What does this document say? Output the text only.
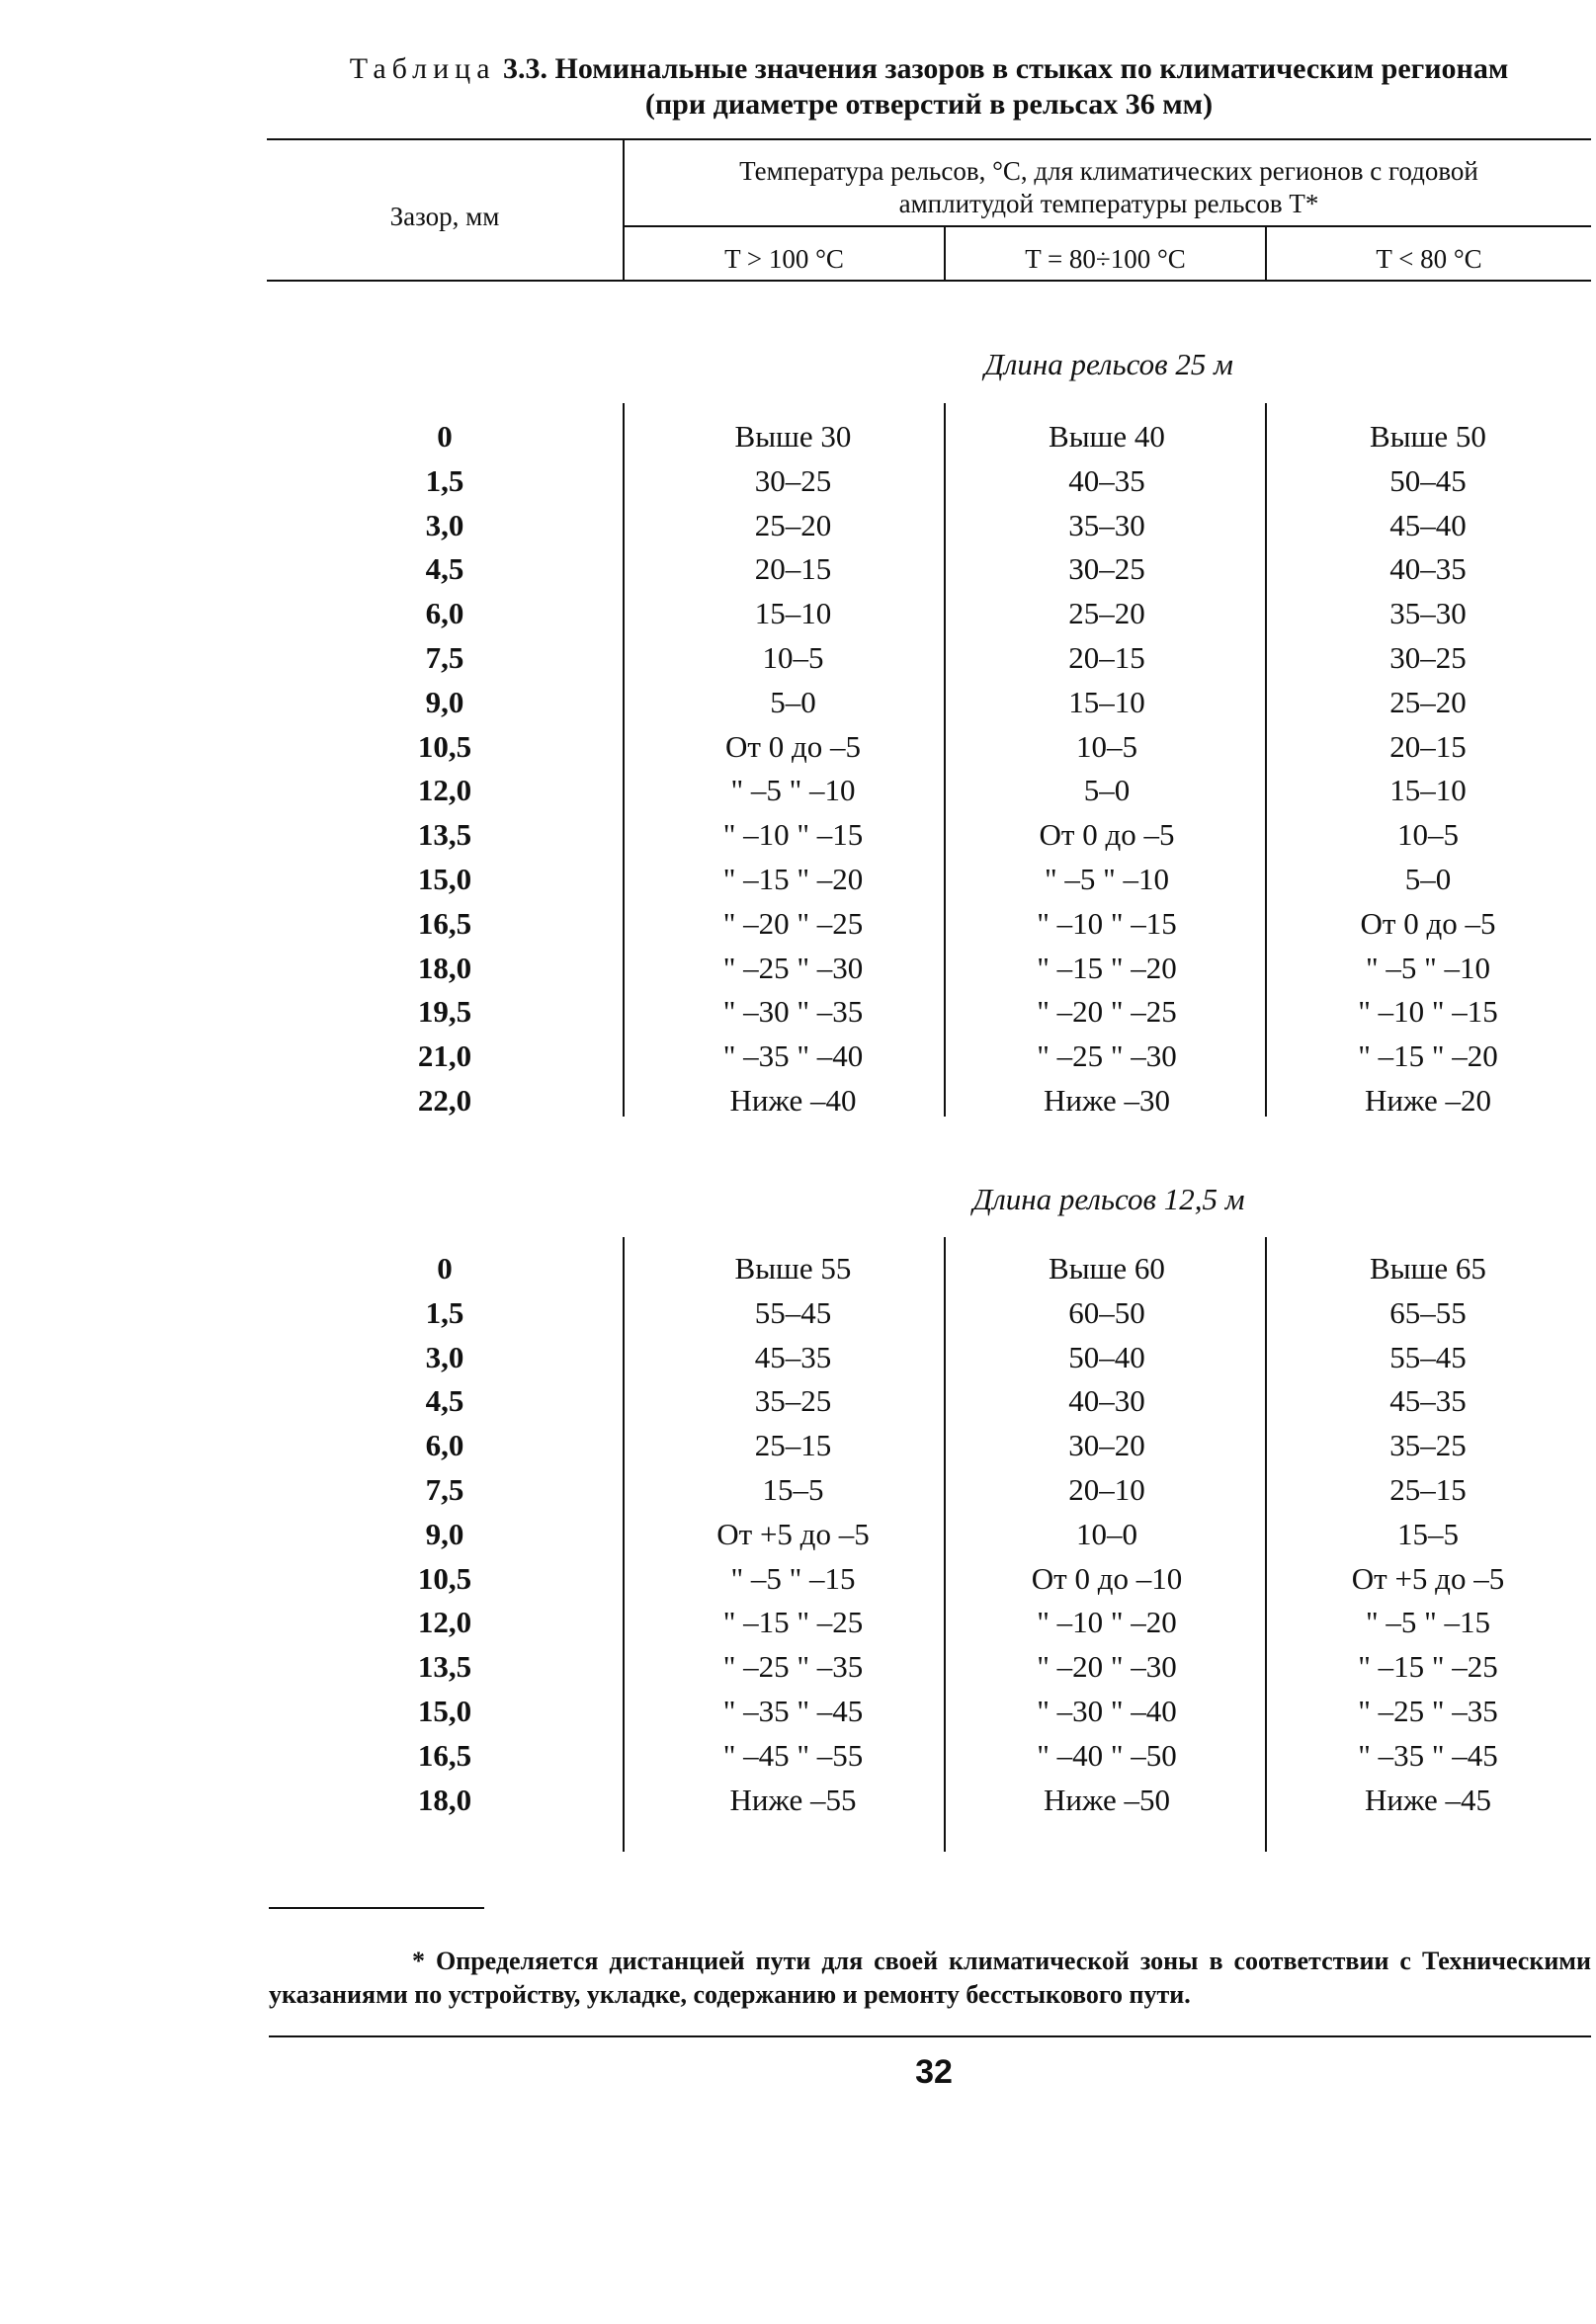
Таблица 3.3. Номинальные значения зазоров в стыках по климатическим регионам
(при диаметре отверстий в рельсах 36 мм)
Зазор, мм
Температура рельсов, °С, для климатических регионов с годовой
амплитудой температуры рельсов T*
T > 100 °С	T = 80÷100 °С	T < 80 °С
Длина рельсов 25 м
0	Выше 30	Выше 40	Выше 50
1,5	30–25	40–35	50–45
3,0	25–20	35–30	45–40
4,5	20–15	30–25	40–35
6,0	15–10	25–20	35–30
7,5	10–5	20–15	30–25
9,0	5–0	15–10	25–20
10,5	От 0 до –5	10–5	20–15
12,0	" –5 " –10	5–0	15–10
13,5	" –10 " –15	От 0 до –5	10–5
15,0	" –15 " –20	" –5 " –10	5–0
16,5	" –20 " –25	" –10 " –15	От 0 до –5
18,0	" –25 " –30	" –15 " –20	" –5 " –10
19,5	" –30 " –35	" –20 " –25	" –10 " –15
21,0	" –35 " –40	" –25 " –30	" –15 " –20
22,0	Ниже –40	Ниже –30	Ниже –20
Длина рельсов 12,5 м
0	Выше 55	Выше 60	Выше 65
1,5	55–45	60–50	65–55
3,0	45–35	50–40	55–45
4,5	35–25	40–30	45–35
6,0	25–15	30–20	35–25
7,5	15–5	20–10	25–15
9,0	От +5 до –5	10–0	15–5
10,5	" –5 " –15	От 0 до –10	От +5 до –5
12,0	" –15 " –25	" –10 " –20	" –5 " –15
13,5	" –25 " –35	" –20 " –30	" –15 " –25
15,0	" –35 " –45	" –30 " –40	" –25 " –35
16,5	" –45 " –55	" –40 " –50	" –35 " –45
18,0	Ниже –55	Ниже –50	Ниже –45

* Определяется дистанцией пути для своей климатической зоны в соответствии с Техническими указаниями по устройству, укладке, содержанию и ремонту бесстыкового пути.

32
